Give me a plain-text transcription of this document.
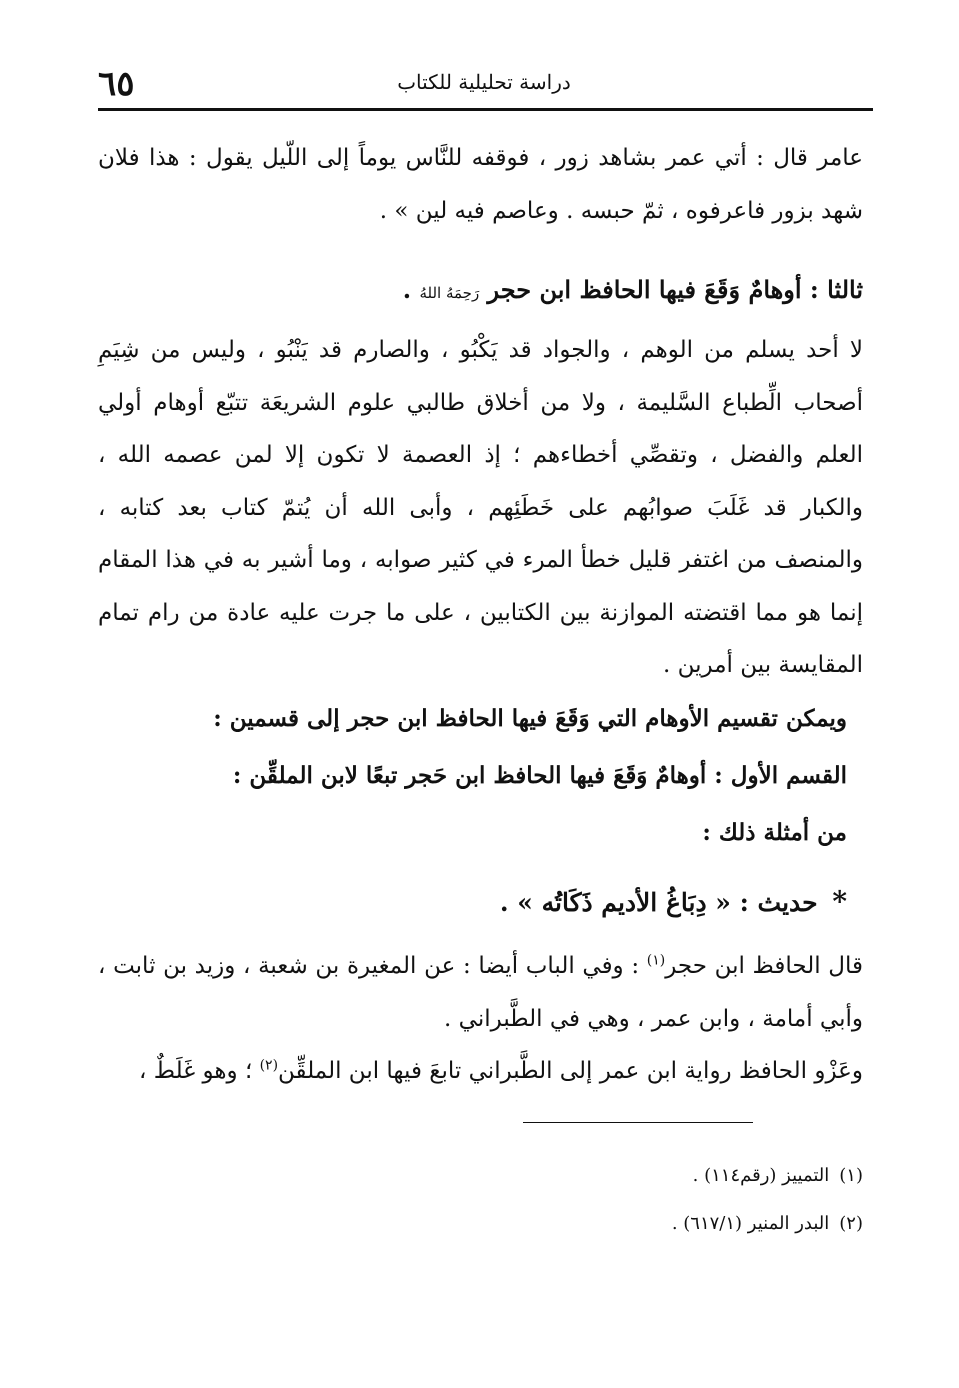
٦٥	دراسة تحليلية للكتاب

عامر قال : أتي عمر بشاهد زور ، فوقفه للنَّاس يوماً إلى اللّيل يقول : هذا فلان شهد بزور فاعرفوه ، ثمّ حبسه . وعاصم فيه لين » .

ثالثا : أوهامٌ وَقَعَ فيها الحافظ ابن حجر رَحِمَهُ اللهُ .

لا أحد يسلم من الوهم ، والجواد قد يَكْبُو ، والصارم قد يَنْبُو ، وليس من شِيَمِ أصحاب الِّطباع السَّليمة ، ولا من أخلاق طالبي علوم الشريعَة تتبّع أوهام أولي العلم والفضل ، وتقصِّي أخطاءهم ؛ إذ العصمة لا تكون إلا لمن عصمه الله ، والكبار قد غَلَبَ صوابُهم على خَطَئِهم ، وأبى الله أن يُتمّ كتاب بعد كتابه ، والمنصف من اغتفر قليل خطأ المرء في كثير صوابه ، وما أشير به في هذا المقام إنما هو مما اقتضته الموازنة بين الكتابين ، على ما جرت عليه عادة من رام تمام المقايسة بين أمرين .

ويمكن تقسيم الأوهام التي وَقَعَ فيها الحافظ ابن حجر إلى قسمين :
القسم الأول : أوهامٌ وَقَعَ فيها الحافظ ابن حَجر تبعًا لابن الملقِّن :
من أمثلة ذلك :
* حديث : « دِبَاغُ الأديم ذَكَاتُه » .

قال الحافظ ابن حجر$^{(١)}$ : وفي الباب أيضا : عن المغيرة بن شعبة ، وزيد بن ثابت ، وأبي أمامة ، وابن عمر ، وهي في الطَّبراني .

وعَزْو الحافظ رواية ابن عمر إلى الطَّبراني تابعَ فيها ابن الملقِّن$^{(٢)}$ ؛ وهو غَلَطٌ ،

(١)التمييز (رقم١١٤) .

(٢)البدر المنير (٦١٧/١) .
